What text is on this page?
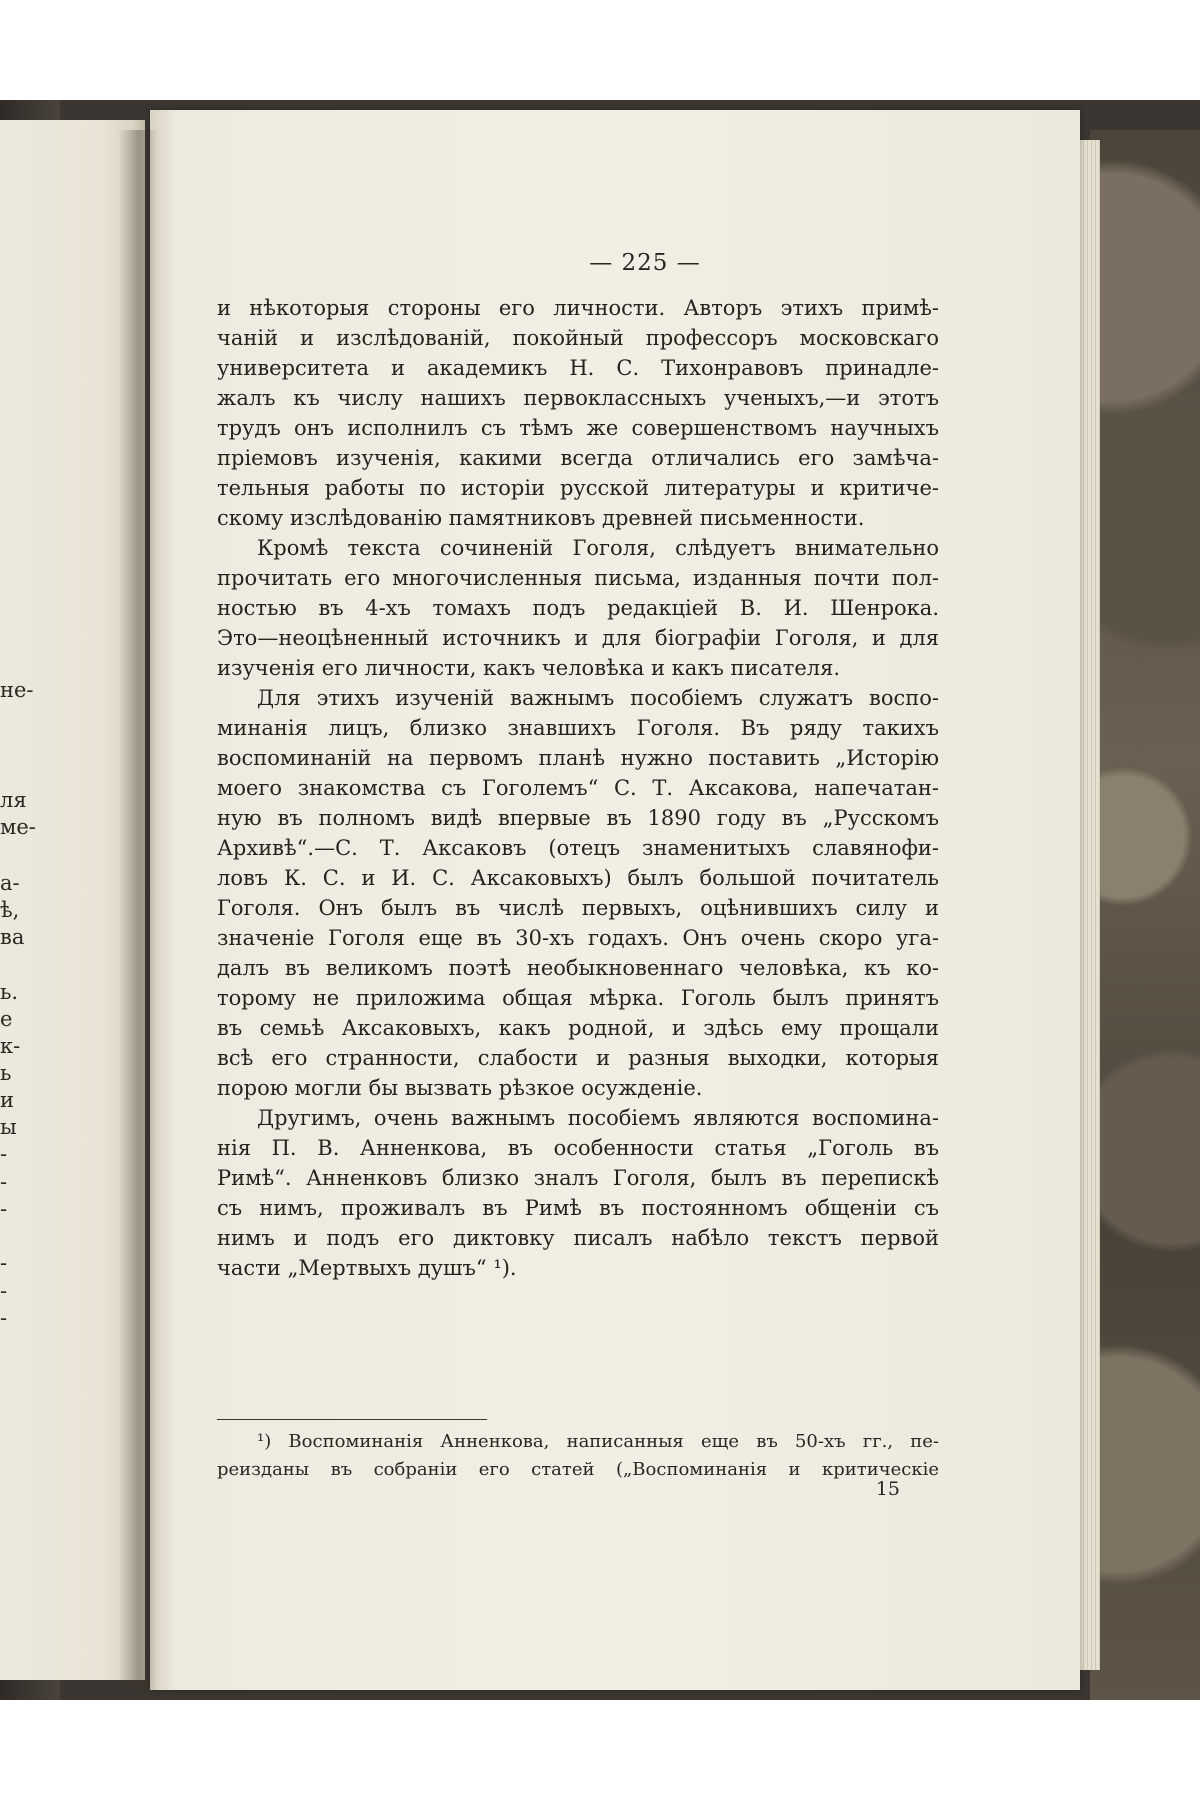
не-
ля
ме-
а-
ѣ,
ва
ь.
е
к-
ь
и
ы
-
-
-
-
-
-
— 225 —
и нѣкоторыя стороны его личности. Авторъ этихъ примѣ-
чаній и изслѣдованій, покойный профессоръ московскаго
университета и академикъ Н. С. Тихонравовъ принадле-
жалъ къ числу нашихъ первоклассныхъ ученыхъ,—и этотъ
трудъ онъ исполнилъ съ тѣмъ же совершенствомъ научныхъ
пріемовъ изученія, какими всегда отличались его замѣча-
тельныя работы по исторіи русской литературы и критиче-
скому изслѣдованію памятниковъ древней письменности.
Кромѣ текста сочиненій Гоголя, слѣдуетъ внимательно
прочитать его многочисленныя письма, изданныя почти пол-
ностью въ 4-хъ томахъ подъ редакціей В. И. Шенрока.
Это—неоцѣненный источникъ и для біографіи Гоголя, и для
изученія его личности, какъ человѣка и какъ писателя.
Для этихъ изученій важнымъ пособіемъ служатъ воспо-
минанія лицъ, близко знавшихъ Гоголя. Въ ряду такихъ
воспоминаній на первомъ планѣ нужно поставить „Исторію
моего знакомства съ Гоголемъ“ С. Т. Аксакова, напечатан-
ную въ полномъ видѣ впервые въ 1890 году въ „Русскомъ
Архивѣ“.—С. Т. Аксаковъ (отецъ знаменитыхъ славянофи-
ловъ К. С. и И. С. Аксаковыхъ) былъ большой почитатель
Гоголя. Онъ былъ въ числѣ первыхъ, оцѣнившихъ силу и
значеніе Гоголя еще въ 30-хъ годахъ. Онъ очень скоро уга-
далъ въ великомъ поэтѣ необыкновеннаго человѣка, къ ко-
торому не приложима общая мѣрка. Гоголь былъ принятъ
въ семьѣ Аксаковыхъ, какъ родной, и здѣсь ему прощали
всѣ его странности, слабости и разныя выходки, которыя
порою могли бы вызвать рѣзкое осужденіе.
Другимъ, очень важнымъ пособіемъ являются воспомина-
нія П. В. Анненкова, въ особенности статья „Гоголь въ
Римѣ“. Анненковъ близко зналъ Гоголя, былъ въ перепискѣ
съ нимъ, проживалъ въ Римѣ въ постоянномъ общеніи съ
нимъ и подъ его диктовку писалъ набѣло текстъ первой
части „Мертвыхъ душъ“ ¹).
¹) Воспоминанія Анненкова, написанныя еще въ 50-хъ гг., пе-
реизданы въ собраніи его статей („Воспоминанія и критическіе
15
